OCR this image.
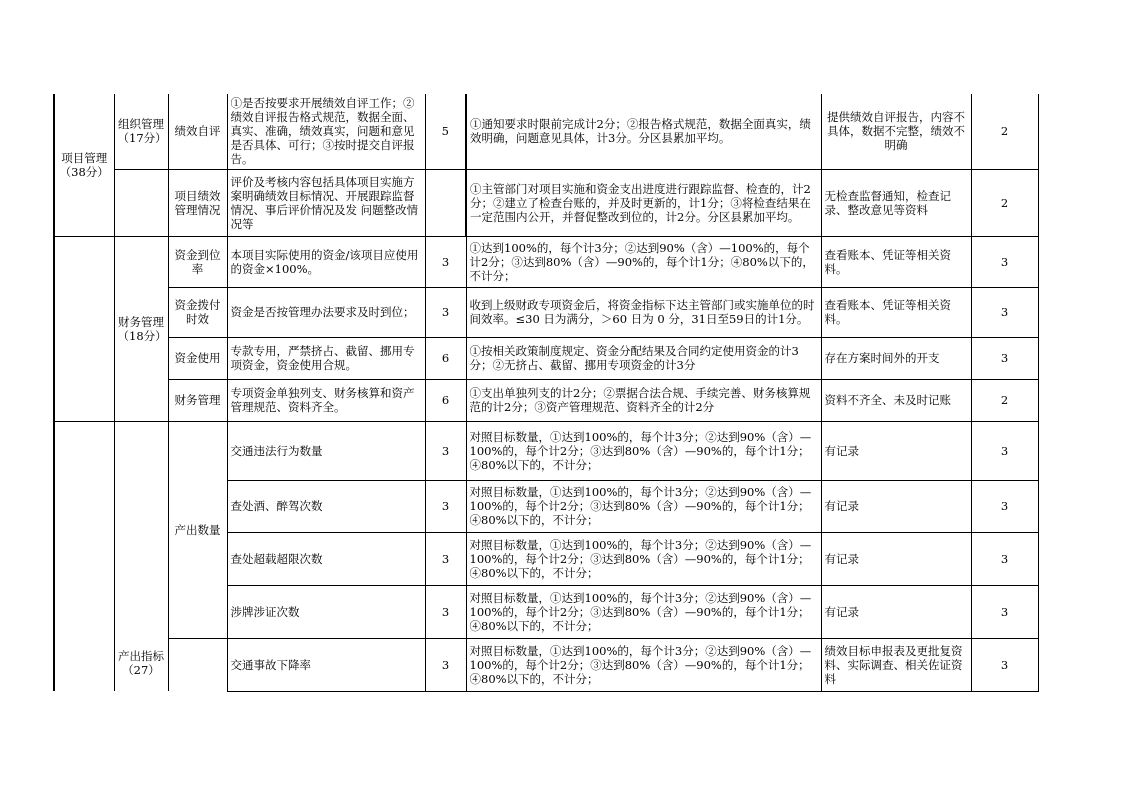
项目管理（38分）	组织管理（17分）	绩效自评	①是否按要求开展绩效自评工作；②绩效自评报告格式规范，数据全面、真实、准确，绩效真实，问题和意见是否具体、可行；③按时提交自评报告。	5	①通知要求时限前完成计2分；②报告格式规范，数据全面真实，绩效明确，问题意见具体，计3分。分区县累加平均。	提供绩效自评报告，内容不具体，数据不完整，绩效不明确	2
		项目绩效管理情况	评价及考核内容包括具体项目实施方案明确绩效目标情况、开展跟踪监督情况、事后评价情况及发 问题整改情况等		①主管部门对项目实施和资金支出进度进行跟踪监督、检查的，计2分；②建立了检查台账的，并及时更新的，计1分；③将检查结果在一定范围内公开，并督促整改到位的，计2分。分区县累加平均。	无检查监督通知，检查记录、整改意见等资料	2
	财务管理（18分）	资金到位率	本项目实际使用的资金/该项目应使用的资金×100%。	3	①达到100%的，每个计3分；②达到90%（含）—100%的，每个计2分；③达到80%（含）—90%的，每个计1分；④80%以下的，不计分；	查看账本、凭证等相关资料。	3
		资金拨付时效	资金是否按管理办法要求及时到位；	3	收到上级财政专项资金后，将资金指标下达主管部门或实施单位的时间效率。≤30 日为满分，＞60 日为 0 分，31日至59日的计1分。	查看账本、凭证等相关资料。	3
		资金使用	专款专用，严禁挤占、截留、挪用专项资金，资金使用合规。	6	①按相关政策制度规定、资金分配结果及合同约定使用资金的计3分；②无挤占、截留、挪用专项资金的计3分	存在方案时间外的开支	3
		财务管理	专项资金单独列支、财务核算和资产管理规范、资料齐全。	6	①支出单独列支的计2分；②票据合法合规、手续完善、财务核算规范的计2分；③资产管理规范、资料齐全的计2分	资料不齐全、未及时记账	2
	产出指标（27）	产出数量	交通违法行为数量	3	对照目标数量，①达到100%的，每个计3分；②达到90%（含）—100%的，每个计2分；③达到80%（含）—90%的，每个计1分；④80%以下的，不计分；	有记录	3
			查处酒、醉驾次数	3	对照目标数量，①达到100%的，每个计3分；②达到90%（含）—100%的，每个计2分；③达到80%（含）—90%的，每个计1分；④80%以下的，不计分；	有记录	3
			查处超载超限次数	3	对照目标数量，①达到100%的，每个计3分；②达到90%（含）—100%的，每个计2分；③达到80%（含）—90%的，每个计1分；④80%以下的，不计分；	有记录	3
			涉牌涉证次数	3	对照目标数量，①达到100%的，每个计3分；②达到90%（含）—100%的，每个计2分；③达到80%（含）—90%的，每个计1分；④80%以下的，不计分；	有记录	3
			交通事故下降率	3	对照目标数量，①达到100%的，每个计3分；②达到90%（含）—100%的，每个计2分；③达到80%（含）—90%的，每个计1分；④80%以下的，不计分；	绩效目标申报表及更批复资料、实际调查、相关佐证资料	3
